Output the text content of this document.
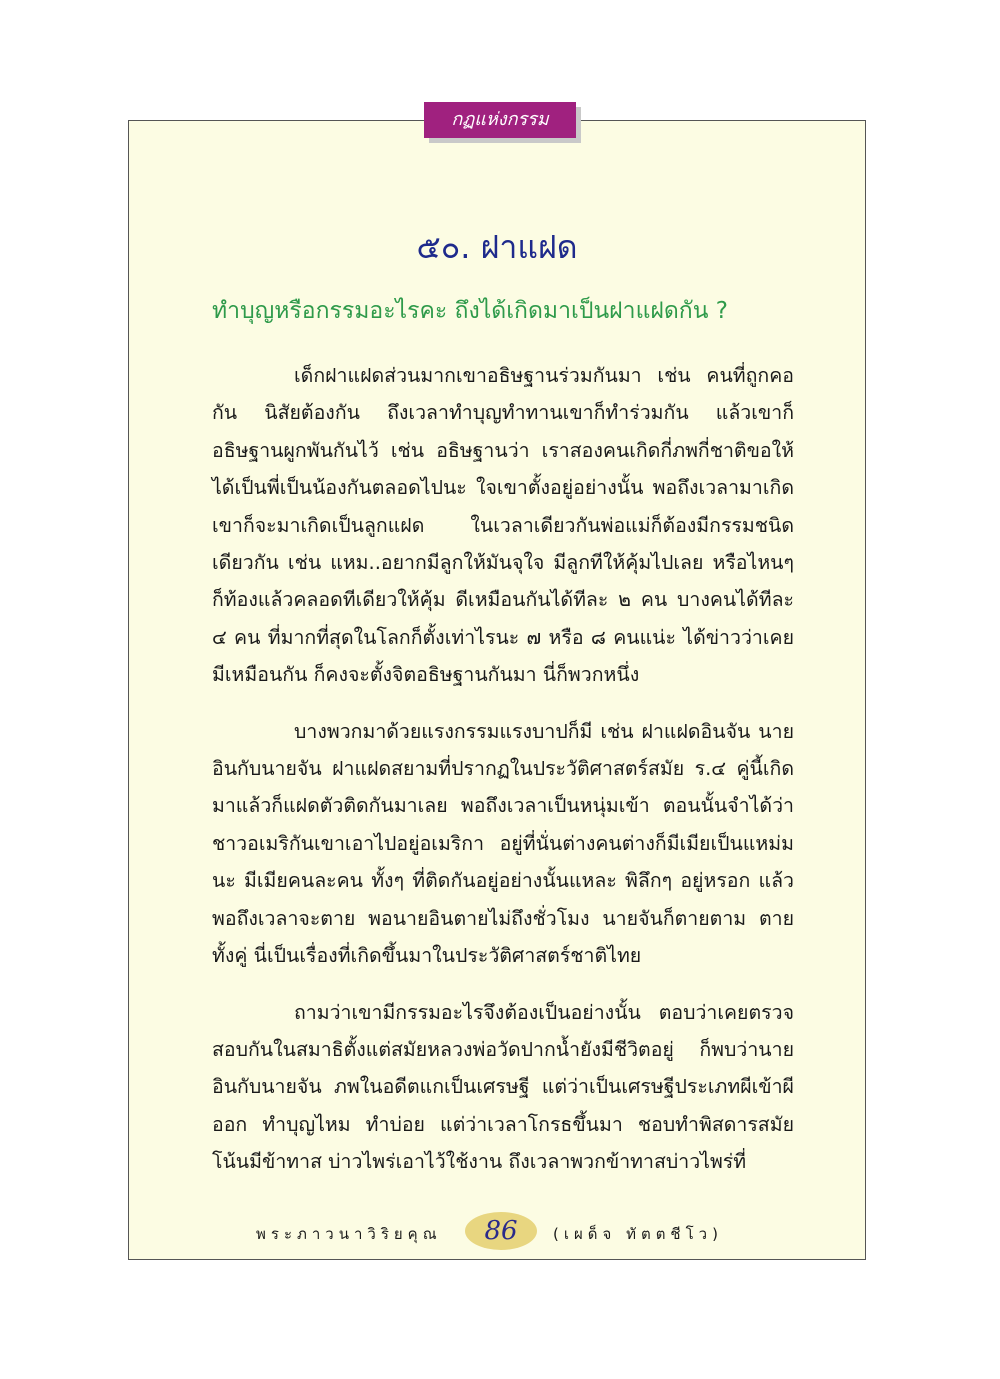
กฏแห่งกรรม
๕๐. ฝาแฝด
ทำบุญหรือกรรมอะไรคะ ถึงได้เกิดมาเป็นฝาแฝดกัน ?

เด็กฝาแฝดส่วนมากเขาอธิษฐานร่วมกันมา เช่น คนที่ถูกคอกัน นิสัยต้องกัน ถึงเวลาทำบุญทำทานเขาก็ทำร่วมกัน แล้วเขาก็อธิษฐานผูกพันกันไว้ เช่น อธิษฐานว่า เราสองคนเกิดกี่ภพกี่ชาติขอให้ได้เป็นพี่เป็นน้องกันตลอดไปนะ ใจเขาตั้งอยู่อย่างนั้น พอถึงเวลามาเกิด เขาก็จะมาเกิดเป็นลูกแฝด ในเวลาเดียวกันพ่อแม่ก็ต้องมีกรรมชนิดเดียวกัน เช่น แหม..อยากมีลูกให้มันจุใจ มีลูกทีให้คุ้มไปเลย หรือไหนๆ ก็ท้องแล้วคลอดทีเดียวให้คุ้ม ดีเหมือนกันได้ทีละ ๒ คน บางคนได้ทีละ ๔ คน ที่มากที่สุดในโลกก็ตั้งเท่าไรนะ ๗ หรือ ๘ คนแน่ะ ได้ข่าวว่าเคยมีเหมือนกัน ก็คงจะตั้งจิตอธิษฐานกันมา นี่ก็พวกหนึ่ง

บางพวกมาด้วยแรงกรรมแรงบาปก็มี เช่น ฝาแฝดอินจัน นายอินกับนายจัน ฝาแฝดสยามที่ปรากฏในประวัติศาสตร์สมัย ร.๔ คู่นี้เกิดมาแล้วก็แฝดตัวติดกันมาเลย พอถึงเวลาเป็นหนุ่มเข้า ตอนนั้นจำได้ว่าชาวอเมริกันเขาเอาไปอยู่อเมริกา อยู่ที่นั่นต่างคนต่างก็มีเมียเป็นแหม่มนะ มีเมียคนละคน ทั้งๆ ที่ติดกันอยู่อย่างนั้นแหละ พิลึกๆ อยู่หรอก แล้วพอถึงเวลาจะตาย พอนายอินตายไม่ถึงชั่วโมง นายจันก็ตายตาม ตายทั้งคู่ นี่เป็นเรื่องที่เกิดขึ้นมาในประวัติศาสตร์ชาติไทย

ถามว่าเขามีกรรมอะไรจึงต้องเป็นอย่างนั้น ตอบว่าเคยตรวจสอบกันในสมาธิตั้งแต่สมัยหลวงพ่อวัดปากน้ำยังมีชีวิตอยู่ ก็พบว่านายอินกับนายจัน ภพในอดีตแกเป็นเศรษฐี แต่ว่าเป็นเศรษฐีประเภทผีเข้าผีออก ทำบุญไหม ทำบ่อย แต่ว่าเวลาโกรธขึ้นมา ชอบทำพิสดารสมัยโน้นมีข้าทาส บ่าวไพร่เอาไว้ใช้งาน ถึงเวลาพวกข้าทาสบ่าวไพร่ที่

พระภาวนาวิริยคุณ	86	(เผด็จ ทัตตชีโว)
